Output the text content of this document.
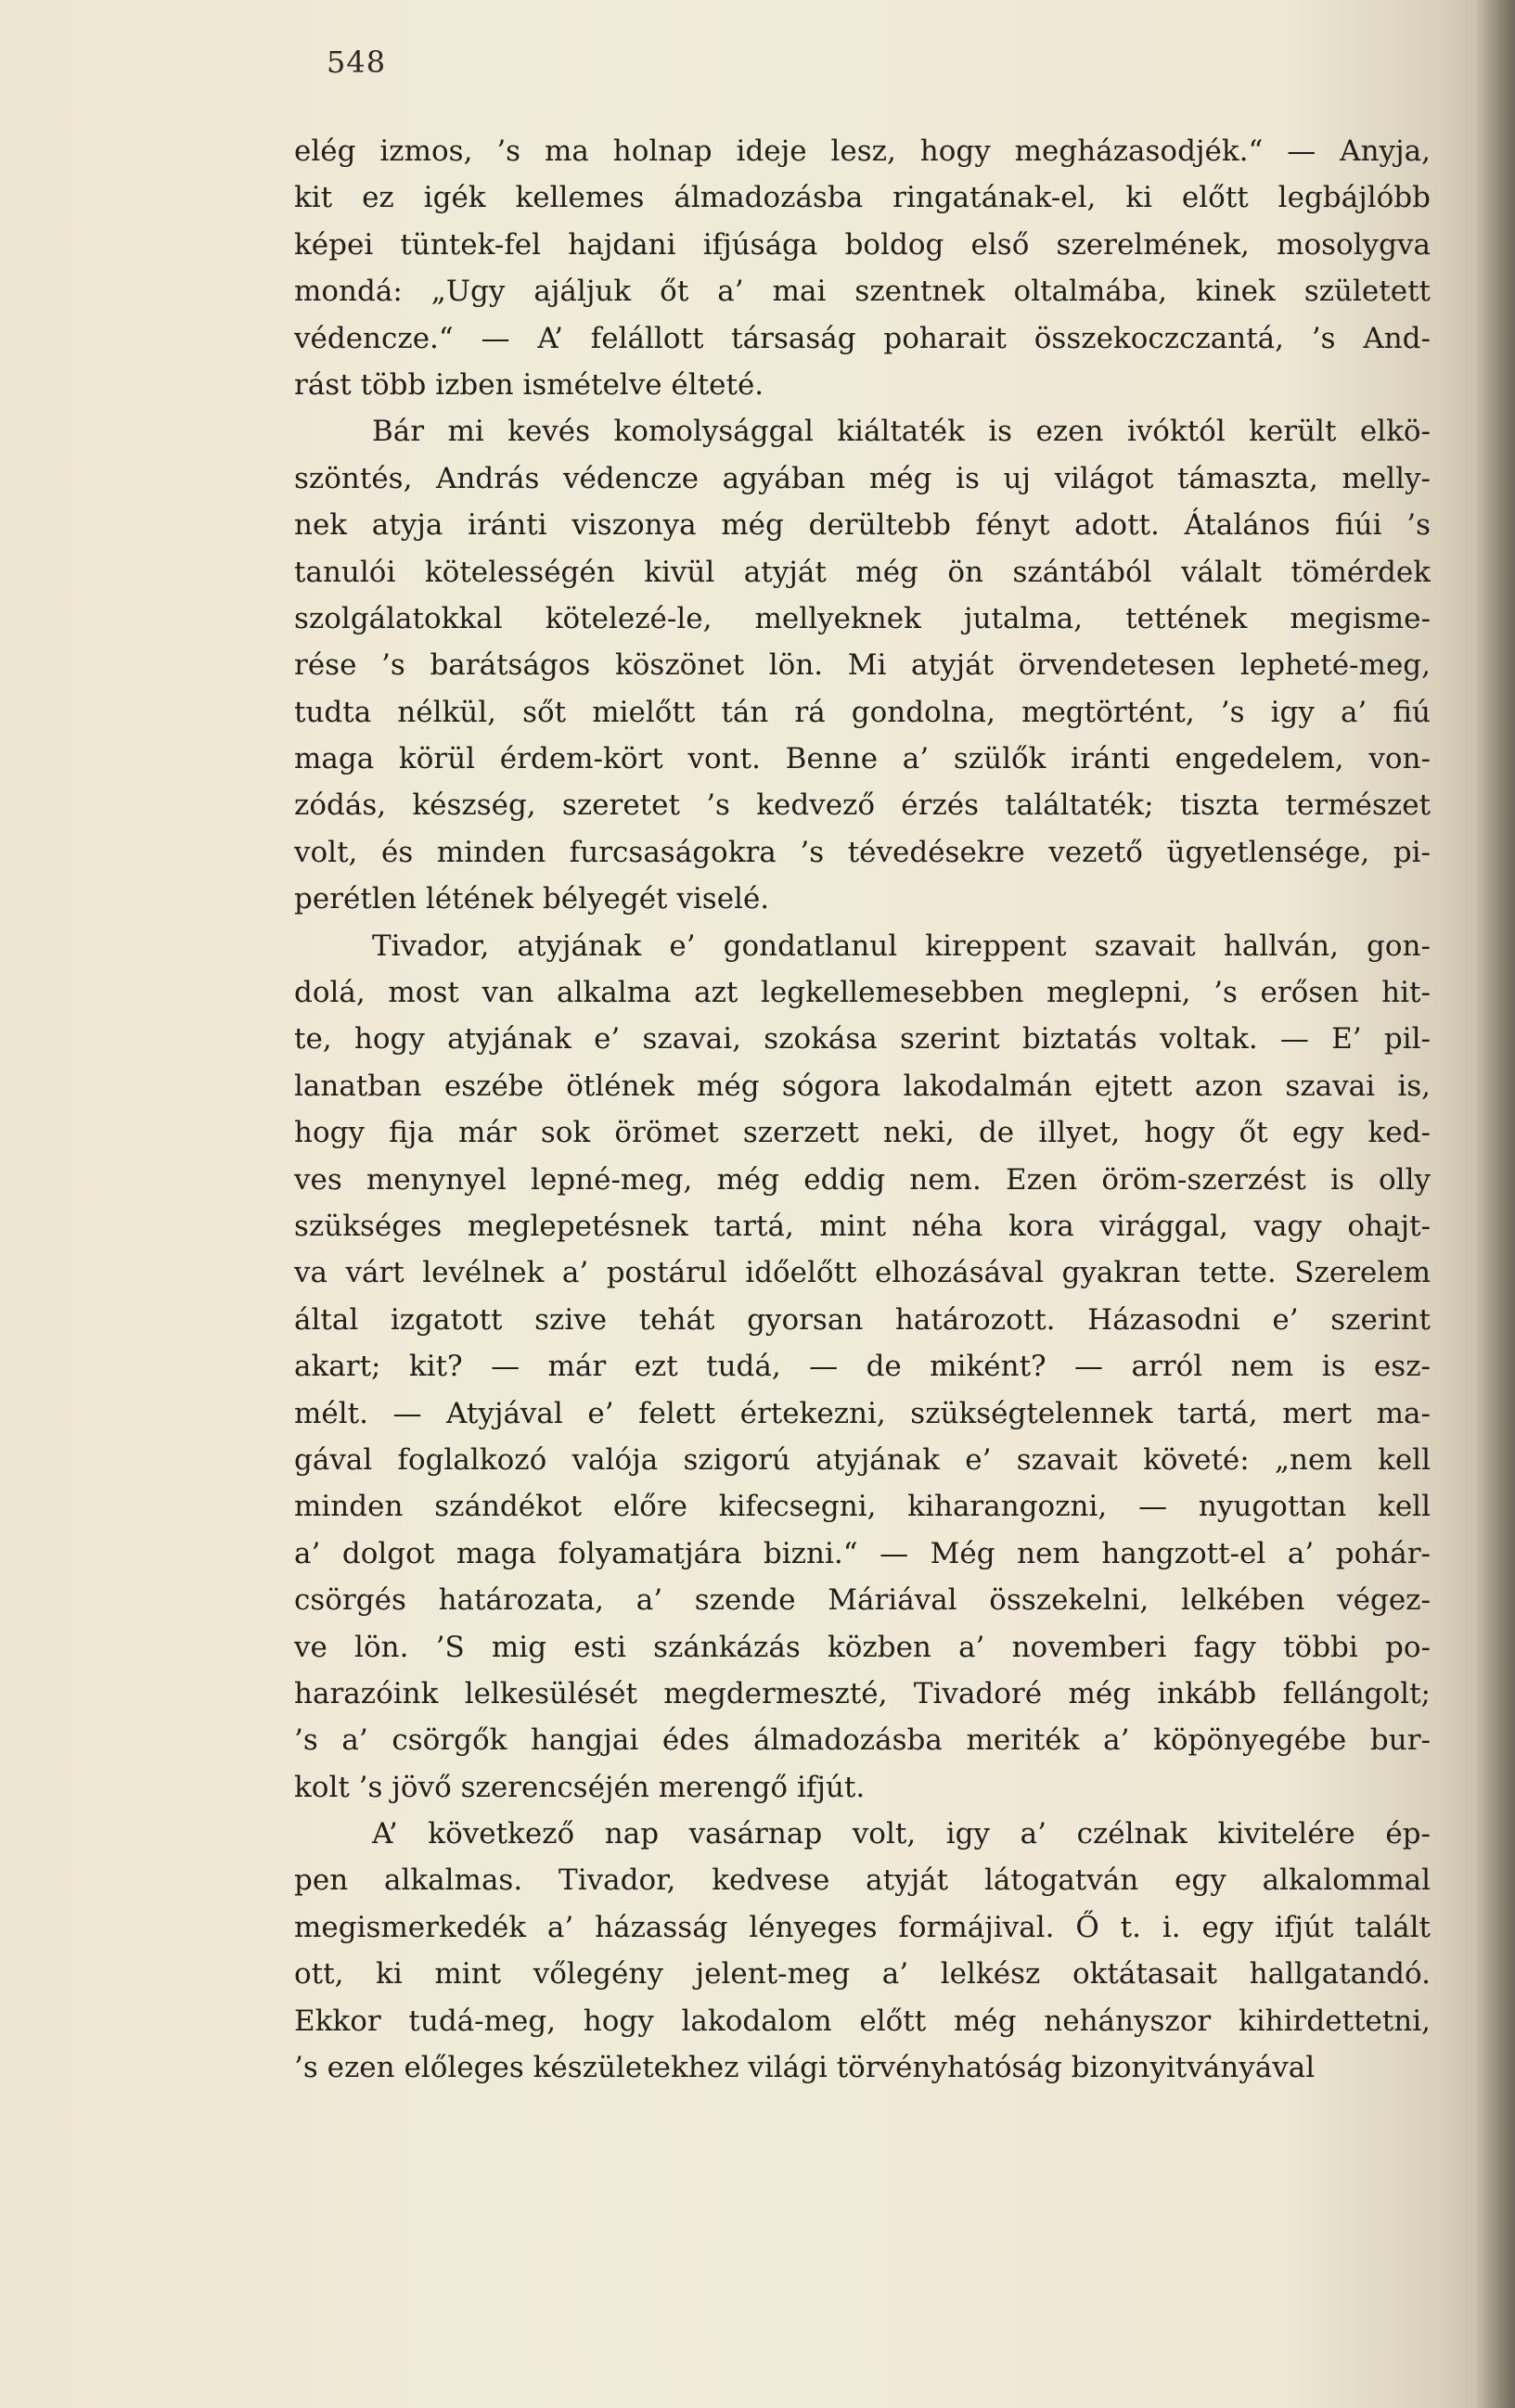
548
elég izmos, ’s ma holnap ideje lesz, hogy megházasodjék.“ — Anyja,
kit ez igék kellemes álmadozásba ringatának-el, ki előtt legbájlóbb
képei tüntek-fel hajdani ifjúsága boldog első szerelmének, mosolygva
mondá: „Ugy ajáljuk őt a’ mai szentnek oltalmába, kinek született
védencze.“ — A’ felállott társaság poharait összekoczczantá, ’s And-
rást több izben ismételve élteté.
Bár mi kevés komolysággal kiáltaték is ezen ivóktól került elkö-
szöntés, András védencze agyában még is uj világot támaszta, melly-
nek atyja iránti viszonya még derültebb fényt adott. Átalános fiúi ’s
tanulói kötelességén kivül atyját még ön szántából válalt tömérdek
szolgálatokkal kötelezé-le, mellyeknek jutalma, tettének megisme-
rése ’s barátságos köszönet lön. Mi atyját örvendetesen lepheté-meg,
tudta nélkül, sőt mielőtt tán rá gondolna, megtörtént, ’s igy a’ fiú
maga körül érdem-kört vont. Benne a’ szülők iránti engedelem, von-
zódás, készség, szeretet ’s kedvező érzés találtaték; tiszta természet
volt, és minden furcsaságokra ’s tévedésekre vezető ügyetlensége, pi-
perétlen létének bélyegét viselé.
Tivador, atyjának e’ gondatlanul kireppent szavait hallván, gon-
dolá, most van alkalma azt legkellemesebben meglepni, ’s erősen hit-
te, hogy atyjának e’ szavai, szokása szerint biztatás voltak. — E’ pil-
lanatban eszébe ötlének még sógora lakodalmán ejtett azon szavai is,
hogy fija már sok örömet szerzett neki, de illyet, hogy őt egy ked-
ves menynyel lepné-meg, még eddig nem. Ezen öröm-szerzést is olly
szükséges meglepetésnek tartá, mint néha kora virággal, vagy ohajt-
va várt levélnek a’ postárul időelőtt elhozásával gyakran tette. Szerelem
által izgatott szive tehát gyorsan határozott. Házasodni e’ szerint
akart; kit? — már ezt tudá, — de miként? — arról nem is esz-
mélt. — Atyjával e’ felett értekezni, szükségtelennek tartá, mert ma-
gával foglalkozó valója szigorú atyjának e’ szavait követé: „nem kell
minden szándékot előre kifecsegni, kiharangozni, — nyugottan kell
a’ dolgot maga folyamatjára bizni.“ — Még nem hangzott-el a’ pohár-
csörgés határozata, a’ szende Máriával összekelni, lelkében végez-
ve lön. ’S mig esti szánkázás közben a’ novemberi fagy többi po-
harazóink lelkesülését megdermeszté, Tivadoré még inkább fellángolt;
’s a’ csörgők hangjai édes álmadozásba meriték a’ köpönyegébe bur-
kolt ’s jövő szerencséjén merengő ifjút.
A’ következő nap vasárnap volt, igy a’ czélnak kivitelére ép-
pen alkalmas. Tivador, kedvese atyját látogatván egy alkalommal
megismerkedék a’ házasság lényeges formájival. Ő t. i. egy ifjút talált
ott, ki mint vőlegény jelent-meg a’ lelkész oktátasait hallgatandó.
Ekkor tudá-meg, hogy lakodalom előtt még nehányszor kihirdettetni,
’s ezen előleges készületekhez világi törvényhatóság bizonyitványával
